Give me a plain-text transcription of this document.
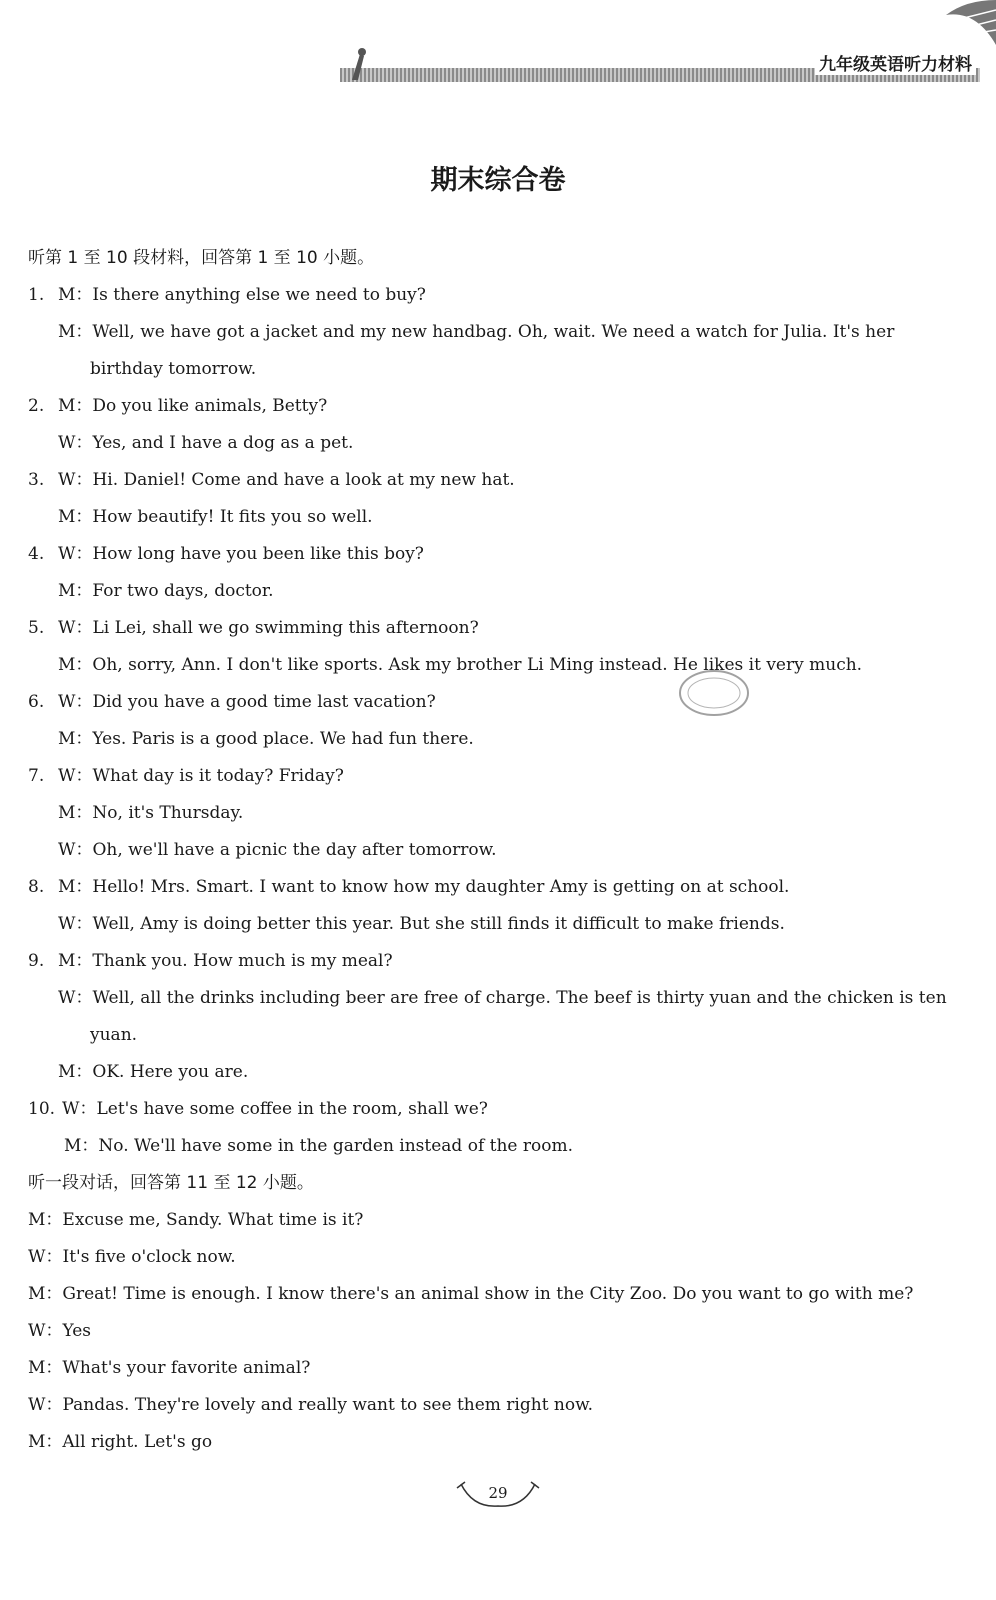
九年级英语听力材料
期末综合卷
听第 1 至 10 段材料，回答第 1 至 10 小题。
1. M：Is there anything else we need to buy?
M：Well, we have got a jacket and my new handbag. Oh, wait. We need a watch for Julia. It's her
birthday tomorrow.
2. M：Do you like animals, Betty?
W：Yes, and I have a dog as a pet.
3. W：Hi. Daniel! Come and have a look at my new hat.
M：How beautify! It fits you so well.
4. W：How long have you been like this boy?
M：For two days, doctor.
5. W：Li Lei, shall we go swimming this afternoon?
M：Oh, sorry, Ann. I don't like sports. Ask my brother Li Ming instead. He likes it very much.
6. W：Did you have a good time last vacation?
M：Yes. Paris is a good place. We had fun there.
7. W：What day is it today? Friday?
M：No, it's Thursday.
W：Oh, we'll have a picnic the day after tomorrow.
8. M：Hello! Mrs. Smart. I want to know how my daughter Amy is getting on at school.
W：Well, Amy is doing better this year. But she still finds it difficult to make friends.
9. M：Thank you. How much is my meal?
W：Well, all the drinks including beer are free of charge. The beef is thirty yuan and the chicken is ten
yuan.
M：OK. Here you are.
10. W：Let's have some coffee in the room, shall we?
M：No. We'll have some in the garden instead of the room.
听一段对话，回答第 11 至 12 小题。
M：Excuse me, Sandy. What time is it?
W：It's five o'clock now.
M：Great! Time is enough. I know there's an animal show in the City Zoo. Do you want to go with me?
W：Yes
M：What's your favorite animal?
W：Pandas. They're lovely and really want to see them right now.
M：All right. Let's go
29
